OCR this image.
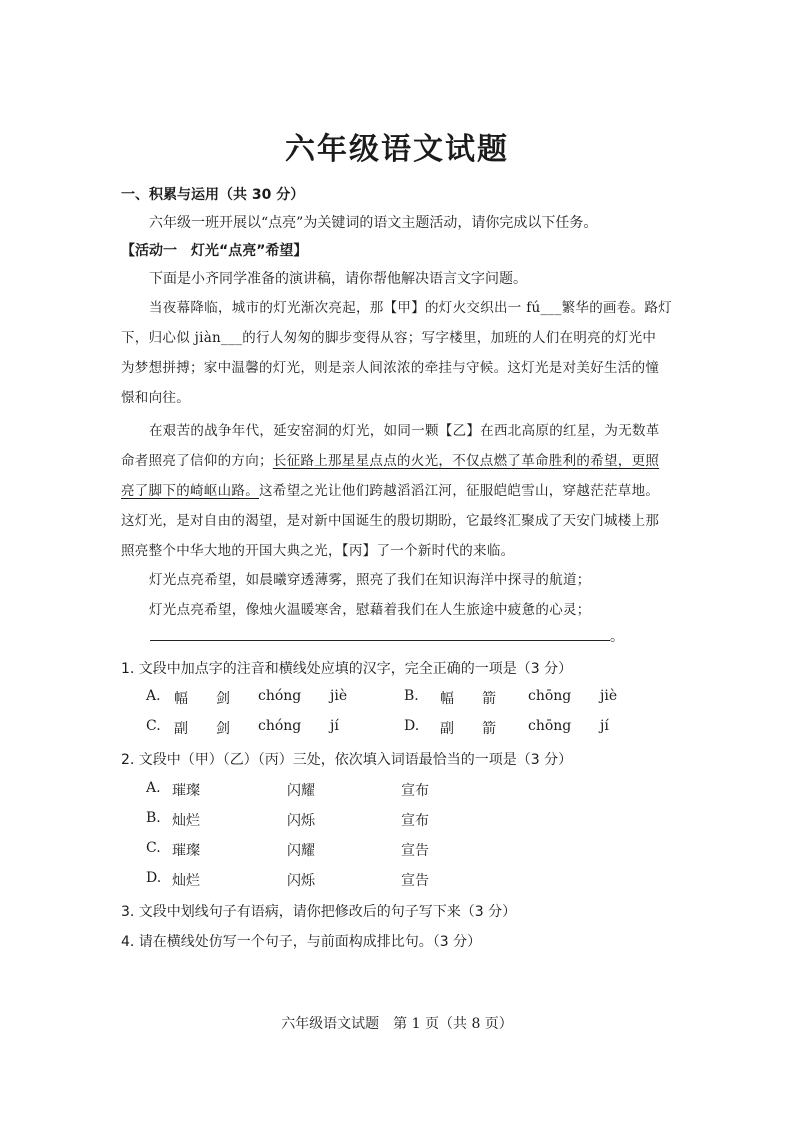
六年级语文试题
一、积累与运用（共 30 分）
六年级一班开展以“点亮”为关键词的语文主题活动，请你完成以下任务。
【活动一　灯光“点亮”希望】
下面是小齐同学准备的演讲稿，请你帮他解决语言文字问题。
当夜幕降临，城市的灯光渐次亮起，那【甲】的灯火交织出一 fú___繁华的画卷。路灯
下，归心似 jiàn___的行人匆匆的脚步变得从容；写字楼里，加班的人们在明亮的灯光中
为梦想拼搏；家中温馨的灯光，则是亲人间浓浓的牵挂与守候。这灯光是对美好生活的憧
憬和向往。
在艰苦的战争年代，延安窑洞的灯光，如同一颗【乙】在西北高原的红星，为无数革
命者照亮了信仰的方向；长征路上那星星点点的火光，不仅点燃了革命胜利的希望，更照
亮了脚下的崎岖山路。这希望之光让他们跨越滔滔江河，征服皑皑雪山，穿越茫茫草地。
这灯光，是对自由的渴望，是对新中国诞生的殷切期盼，它最终汇聚成了天安门城楼上那
照亮整个中华大地的开国大典之光，【丙】了一个新时代的来临。
灯光点亮希望，如晨曦穿透薄雾，照亮了我们在知识海洋中探寻的航道；
灯光点亮希望，像烛火温暖寒舍，慰藉着我们在人生旅途中疲惫的心灵；
。
1. 文段中加点字的注音和横线处应填的汉字，完全正确的一项是（3 分）
A. 幅 剑 chóng jiè	B. 幅 箭 chōng jiè
C. 副 剑 chóng jí	D. 副 箭 chōng jí
2. 文段中（甲）（乙）（丙）三处，依次填入词语最恰当的一项是（3 分）
A. 璀璨	闪耀	宣布
B. 灿烂	闪烁	宣布
C. 璀璨	闪耀	宣告
D. 灿烂	闪烁	宣告
3. 文段中划线句子有语病，请你把修改后的句子写下来（3 分）
4. 请在横线处仿写一个句子，与前面构成排比句。（3 分）
六年级语文试题　第 1 页（共 8 页）
